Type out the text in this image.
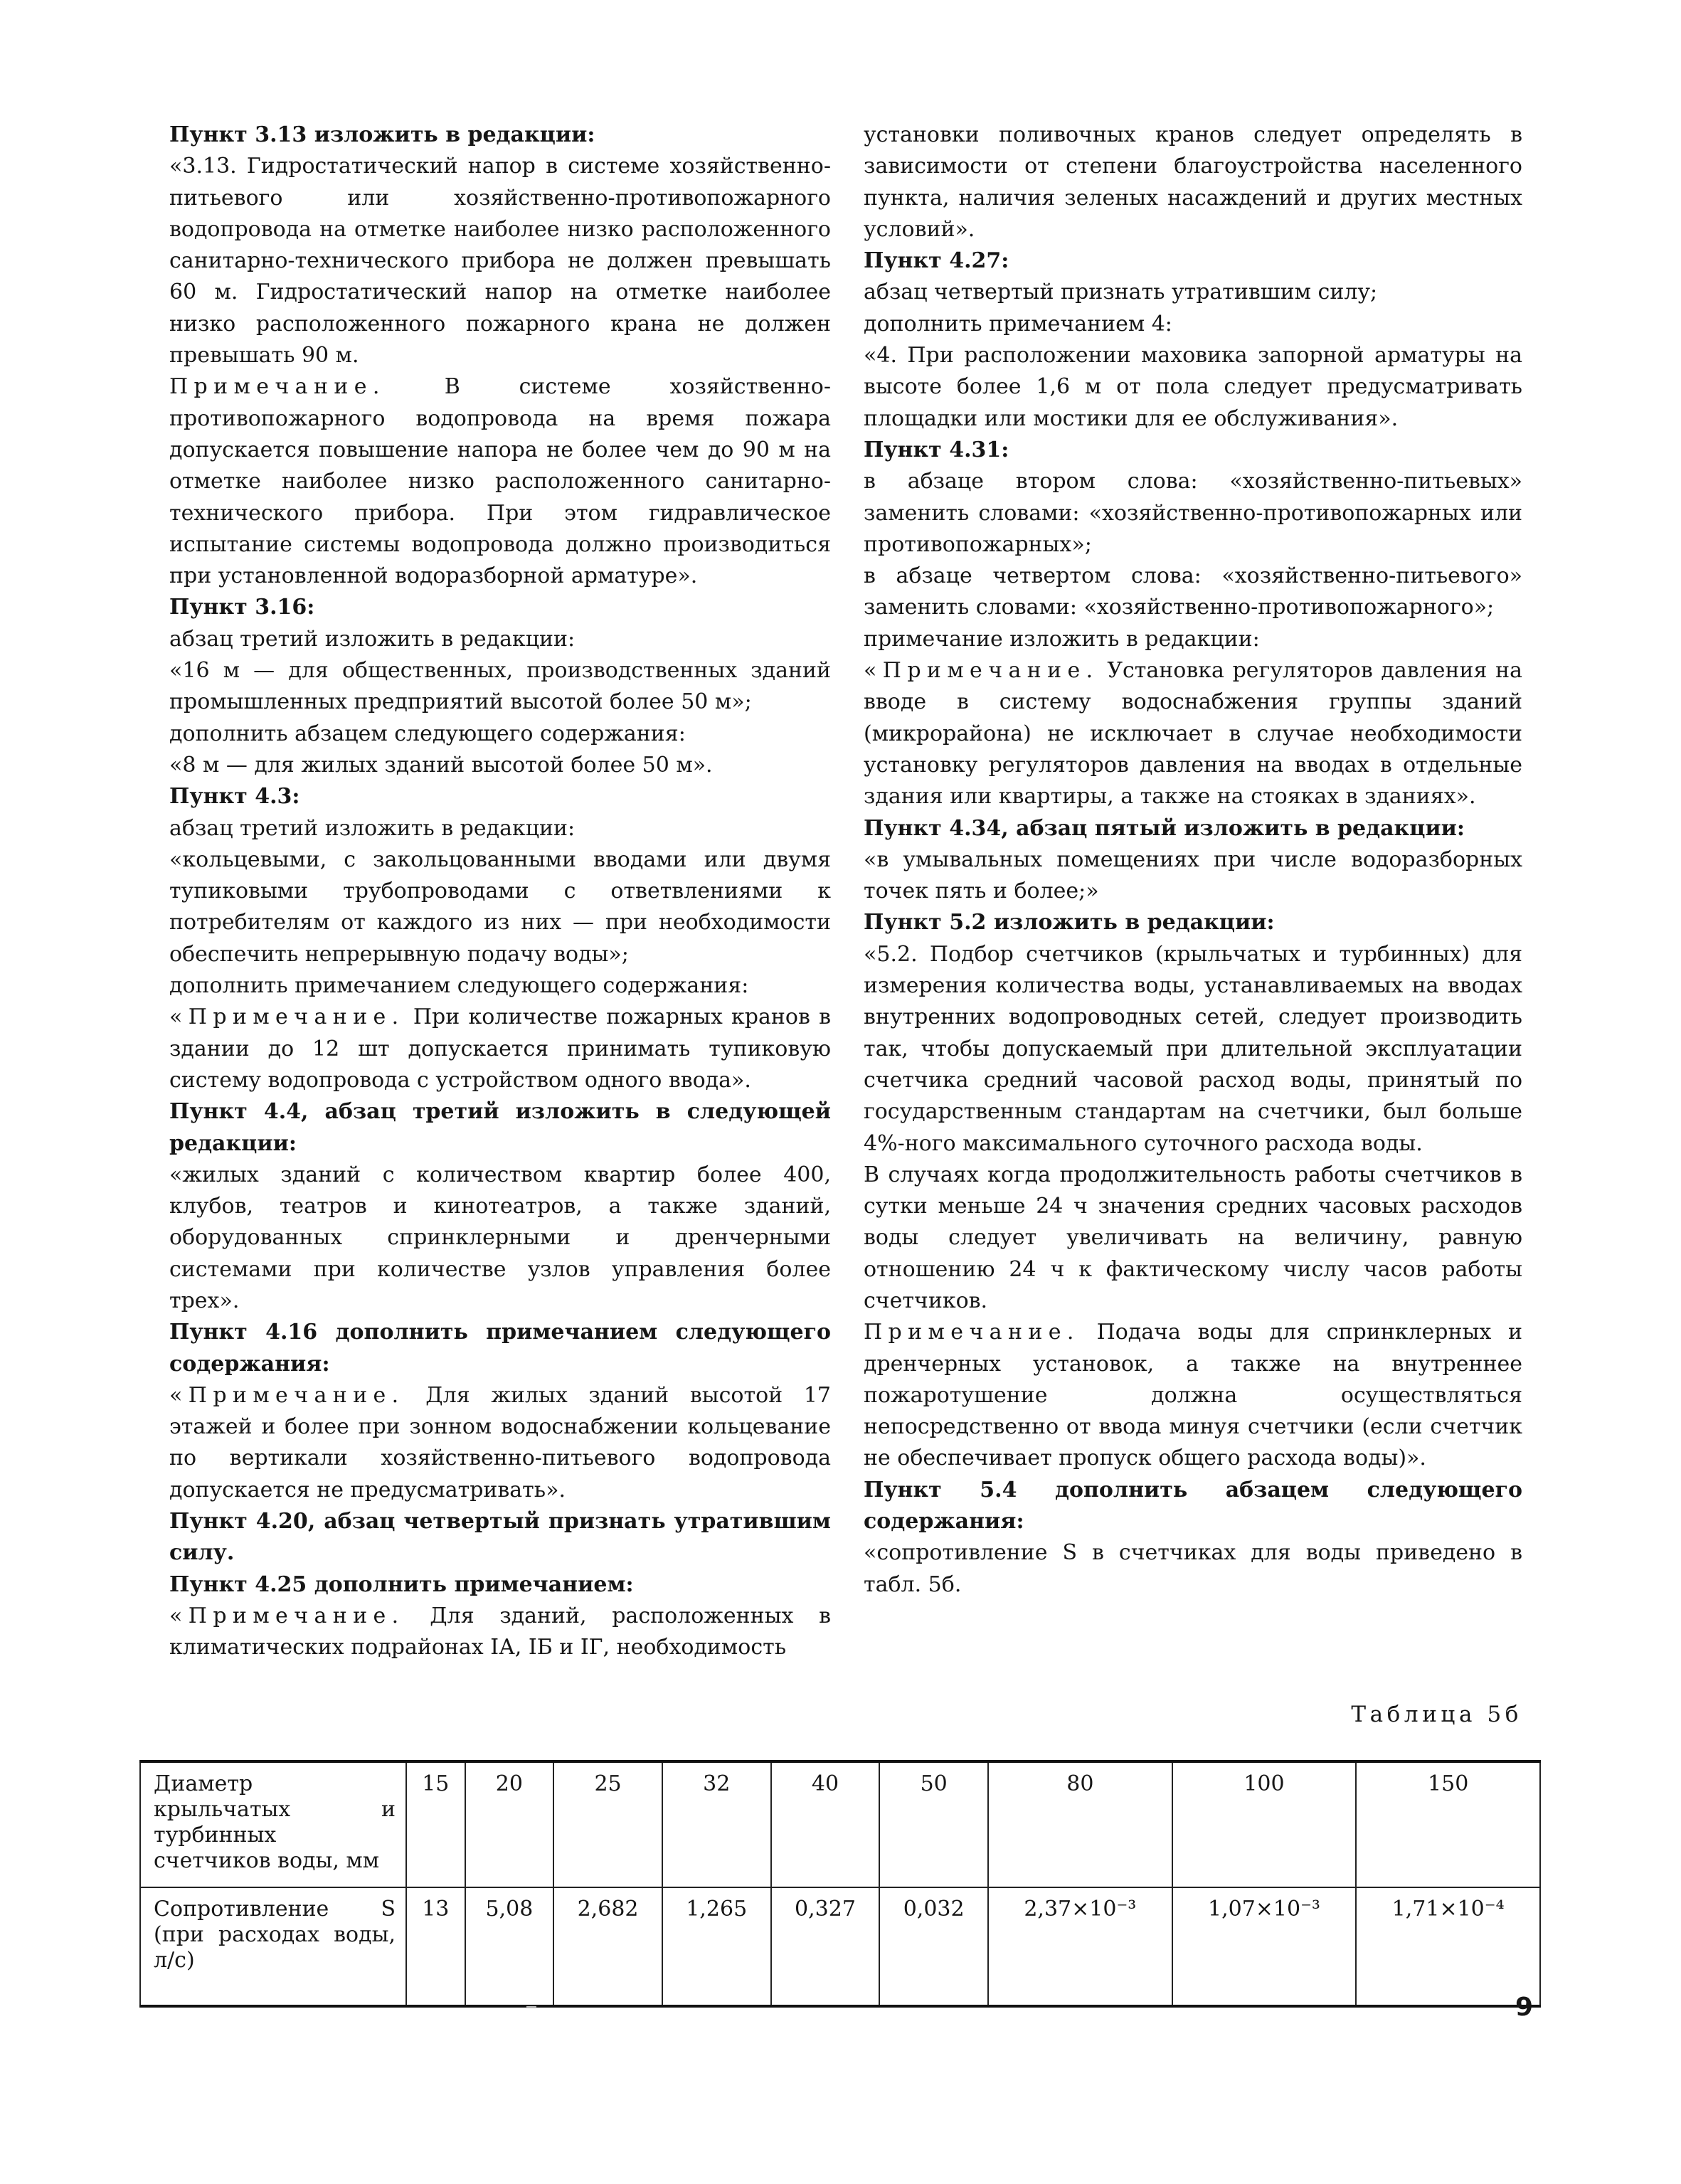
Пункт 3.13 изложить в редакции:

«3.13. Гидростатический напор в системе хозяйственно-питьевого или хозяйственно-противопожарного водопровода на отметке наиболее низко расположенного санитарно-технического прибора не должен превышать 60 м. Гидростатический напор на отметке наиболее низко расположенного пожарного крана не должен превышать 90 м.

Примечание. В системе хозяйственно-противопожарного водопровода на время пожара допускается повышение напора не более чем до 90 м на отметке наиболее низко расположенного санитарно-технического прибора. При этом гидравлическое испытание системы водопровода должно производиться при установленной водоразборной арматуре».

Пункт 3.16:

абзац третий изложить в редакции:

«16 м — для общественных, производственных зданий промышленных предприятий высотой более 50 м»;

дополнить абзацем следующего содержания:

«8 м — для жилых зданий высотой более 50 м».

Пункт 4.3:

абзац третий изложить в редакции:

«кольцевыми, с закольцованными вводами или двумя тупиковыми трубопроводами с ответвлениями к потребителям от каждого из них — при необходимости обеспечить непрерывную подачу воды»;

дополнить примечанием следующего содержания:

«Примечание. При количестве пожарных кранов в здании до 12 шт допускается принимать тупиковую систему водопровода с устройством одного ввода».

Пункт 4.4, абзац третий изложить в следующей редакции:

«жилых зданий с количеством квартир более 400, клубов, театров и кинотеатров, а также зданий, оборудованных спринклерными и дренчерными системами при количестве узлов управления более трех».

Пункт 4.16 дополнить примечанием следующего содержания:

«Примечание. Для жилых зданий высотой 17 этажей и более при зонном водоснабжении кольцевание по вертикали хозяйственно-питьевого водопровода допускается не предусматривать».

Пункт 4.20, абзац четвертый признать утратившим силу.

Пункт 4.25 дополнить примечанием:

«Примечание. Для зданий, расположенных в климатических подрайонах IА, IБ и IГ, необходимость

установки поливочных кранов следует определять в зависимости от степени благоустройства населенного пункта, наличия зеленых насаждений и других местных условий».

Пункт 4.27:

абзац четвертый признать утратившим силу;

дополнить примечанием 4:

«4. При расположении маховика запорной арматуры на высоте более 1,6 м от пола следует предусматривать площадки или мостики для ее обслуживания».

Пункт 4.31:

в абзаце втором слова: «хозяйственно-питьевых» заменить словами: «хозяйственно-противопожарных или противопожарных»;

в абзаце четвертом слова: «хозяйственно-питьевого» заменить словами: «хозяйственно-противопожарного»;

примечание изложить в редакции:

«Примечание. Установка регуляторов давления на вводе в систему водоснабжения группы зданий (микрорайона) не исключает в случае необходимости установку регуляторов давления на вводах в отдельные здания или квартиры, а также на стояках в зданиях».

Пункт 4.34, абзац пятый изложить в редакции:

«в умывальных помещениях при числе водоразборных точек пять и более;»

Пункт 5.2 изложить в редакции:

«5.2. Подбор счетчиков (крыльчатых и турбинных) для измерения количества воды, устанавливаемых на вводах внутренних водопроводных сетей, следует производить так, чтобы допускаемый при длительной эксплуатации счетчика средний часовой расход воды, принятый по государственным стандартам на счетчики, был больше 4%-ного максимального суточного расхода воды.

В случаях когда продолжительность работы счетчиков в сутки меньше 24 ч значения средних часовых расходов воды следует увеличивать на величину, равную отношению 24 ч к фактическому числу часов работы счетчиков.

Примечание. Подача воды для спринклерных и дренчерных установок, а также на внутреннее пожаротушение должна осуществляться непосредственно от ввода минуя счетчики (если счетчик не обеспечивает пропуск общего расхода воды)».

Пункт 5.4 дополнить абзацем следующего содержания:

«сопротивление S в счетчиках для воды приведено в табл. 5б.

Таблица 5б
Диаметр крыльчатых и турбинных счетчиков воды, мм	15	20	25	32	40	50	80	100	150
Сопротивление S (при расходах воды, л/с)	13	5,08	2,682	1,265	0,327	0,032	2,37×10⁻³	1,07×10⁻³	1,71×10⁻⁴
9
